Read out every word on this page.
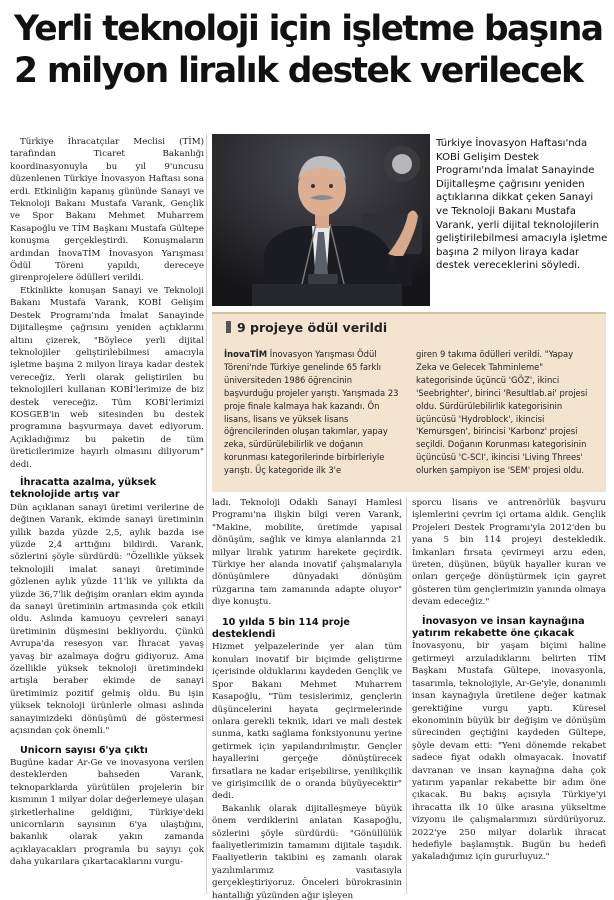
Yerli teknoloji için işletme başına
2 milyon liralık destek verilecek

Türkiye İhracatçılar Meclisi (TİM) tarafından Ticaret Bakanlığı koordinasyonuyla bu yıl 9'uncusu düzenlenen Türkiye İnovasyon Haftası sona erdi. Etkinliğin kapanış gününde Sanayi ve Teknoloji Bakanı Mustafa Varank, Gençlik ve Spor Bakanı Mehmet Muharrem Kasapoğlu ve TİM Başkanı Mustafa Gültepe konuşma gerçekleştirdi. Konuşmaların ardından İnovaTİM İnovasyon Yarışması Ödül Töreni yapıldı, dereceye girenprojelere ödülleri verildi.

Etkinlikte konuşan Sanayi ve Teknoloji Bakanı Mustafa Varank, KOBİ Gelişim Destek Programı'nda İmalat Sanayinde Dijitalleşme çağrısını yeniden açtıklarını altını çizerek, "Böylece yerli dijital teknolojiler geliştirilebilmesi amacıyla işletme başına 2 milyon liraya kadar destek vereceğiz. Yerli olarak geliştirilen bu teknolojileri kullanan KOBİ'lerimize de biz destek vereceğiz. Tüm KOBİ'lerimizi KOSGEB'in web sitesinden bu destek programına başvurmaya davet ediyorum. Açıkladığımız bu paketin de tüm üreticilerimize hayırlı olmasını diliyorum" dedi.

İhracatta azalma, yüksek teknolojide artış var

Dün açıklanan sanayi üretimi verilerine de değinen Varank, ekimde sanayi üretiminin yıllık bazda yüzde 2,5, aylık bazda ise yüzde 2,4 arttığını bildirdi. Varank, sözlerini şöyle sürdürdü: "Özellikle yüksek teknolojili imalat sanayi üretiminde gözlenen aylık yüzde 11'lik ve yıllıkta da yüzde 36,7'lik değişim oranları ekim ayında da sanayi üretiminin artmasında çok etkili oldu. Aslında kamuoyu çevreleri sanayi üretiminin düşmesini bekliyordu. Çünkü Avrupa'da resesyon var. İhracat yavaş yavaş bir azalmaya doğru gidiyoruz. Ama özellikle yüksek teknoloji üretimindeki artışla beraber ekimde de sanayi üretimimiz pozitif gelmiş oldu. Bu işin yüksek teknoloji ürünlerle olması aslında sanayimizdeki dönüşümü de göstermesi açısından çok önemli."

Unicorn sayısı 6'ya çıktı

Bugüne kadar Ar-Ge ve inovasyona verilen desteklerden bahseden Varank, teknoparklarda yürütülen projelerin bir kısmının 1 milyar dolar değerlemeye ulaşan şirketlerhaline geldiğini, Türkiye'deki unicornların sayısının 6'ya ulaştığını, bakanlık olarak yakın zamanda açıklayacakları programla bu sayıyı çok daha yukarılara çıkartacaklarını vurgu-

Türkiye İnovasyon Haftası'nda KOBİ Gelişim Destek Programı'nda İmalat Sanayinde Dijitalleşme çağrısını yeniden açtıklarına dikkat çeken Sanayi ve Teknoloji Bakanı Mustafa Varank, yerli dijital teknolojilerin geliştirilebilmesi amacıyla işletme başına 2 milyon liraya kadar destek vereceklerini söyledi.
9 projeye ödül verildi
İnovaTİM İnovasyon Yarışması Ödül Töreni'nde Türkiye genelinde 65 farklı üniversiteden 1986 öğrencinin başvurduğu projeler yarıştı. Yarışmada 23 proje finale kalmaya hak kazandı. Ön lisans, lisans ve yüksek lisans öğrencilerinden oluşan takımlar, yapay zeka, sürdürülebilirlik ve doğanın korunması kategorilerinde birbirleriyle yarıştı. Üç kategoride ilk 3'e
giren 9 takıma ödülleri verildi. "Yapay Zeka ve Gelecek Tahminleme" kategorisinde üçüncü 'GÖZ', ikinci 'Seebrighter', birinci 'Resultlab.ai' projesi oldu. Sürdürülebilirlik kategorisinin üçüncüsü 'Hydroblock', ikincisi 'Kemursgen', birincisi 'Karbonz' projesi seçildi. Doğanın Korunması kategorisinin üçüncüsü 'C-SCI', ikincisi 'Living Threes' olurken şampiyon ise 'SEM' projesi oldu.

ladı. Teknoloji Odaklı Sanayi Hamlesi Programı'na ilişkin bilgi veren Varank, "Makine, mobilite, üretimde yapısal dönüşüm, sağlık ve kimya alanlarında 21 milyar liralık yatırım harekete geçirdik. Türkiye her alanda inovatif çalışmalarıyla dönüşümlere dünyadaki dönüşüm rüzgarına tam zamanında adapte oluyor" diye konuştu.

10 yılda 5 bin 114 proje desteklendi

Hizmet yelpazelerinde yer alan tüm konuları inovatif bir biçimde geliştirme içerisinde olduklarını kaydeden Gençlik ve Spor Bakanı Mehmet Muharrem Kasapoğlu, "Tüm tesislerimiz, gençlerin düşüncelerini hayata geçirmelerinde onlara gerekli teknik, idari ve mali destek sunma, katkı sağlama fonksiyonunu yerine getirmek için yapılandırılmıştır. Gençler hayallerini gerçeğe dönüştürecek fırsatlara ne kadar erişebilirse, yenilikçilik ve girişimcilik de o oranda büyüyecektir" dedi.

Bakanlık olarak dijitalleşmeye büyük önem verdiklerini anlatan Kasapoğlu, sözlerini şöyle sürdürdü: "Gönüllülük faaliyetlerimizin tamamını dijitale taşıdık. Faaliyetlerin takibini eş zamanlı olarak yazılımlarımız vasıtasıyla gerçekleştiriyoruz. Önceleri bürokrasinin hantallığı yüzünden ağır işleyen

sporcu lisans ve antrenörlük başvuru işlemlerini çevrim içi ortama aldık. Gençlik Projeleri Destek Programı'yla 2012'den bu yana 5 bin 114 projeyi destekledik. İmkanları fırsata çevirmeyi arzu eden, üreten, düşünen, büyük hayaller kuran ve onları gerçeğe dönüştürmek için gayret gösteren tüm gençlerimizin yanında olmaya devam edeceğiz."

İnovasyon ve insan kaynağına yatırım rekabette öne çıkacak

İnovasyonu, bir yaşam biçimi haline getirmeyi arzuladıklarını belirten TİM Başkanı Mustafa Gültepe, inovasyonla, tasarımla, teknolojiyle, Ar-Ge'yle, donanımlı insan kaynağıyla üretilene değer katmak gerektiğine vurgu yaptı. Küresel ekonominin büyük bir değişim ve dönüşüm sürecinden geçtiğini kaydeden Gültepe, şöyle devam etti: "Yeni dönemde rekabet sadece fiyat odaklı olmayacak. İnovatif davranan ve insan kaynağına daha çok yatırım yapanlar rekabette bir adım öne çıkacak. Bu bakış açısıyla Türkiye'yi ihracatta ilk 10 ülke arasına yükseltme vizyonu ile çalışmalarımızı sürdürüyoruz. 2022'ye 250 milyar dolarlık ihracat hedefiyle başlamıştık. Bugün bu hedefi yakaladığımız için gururluyuz."
